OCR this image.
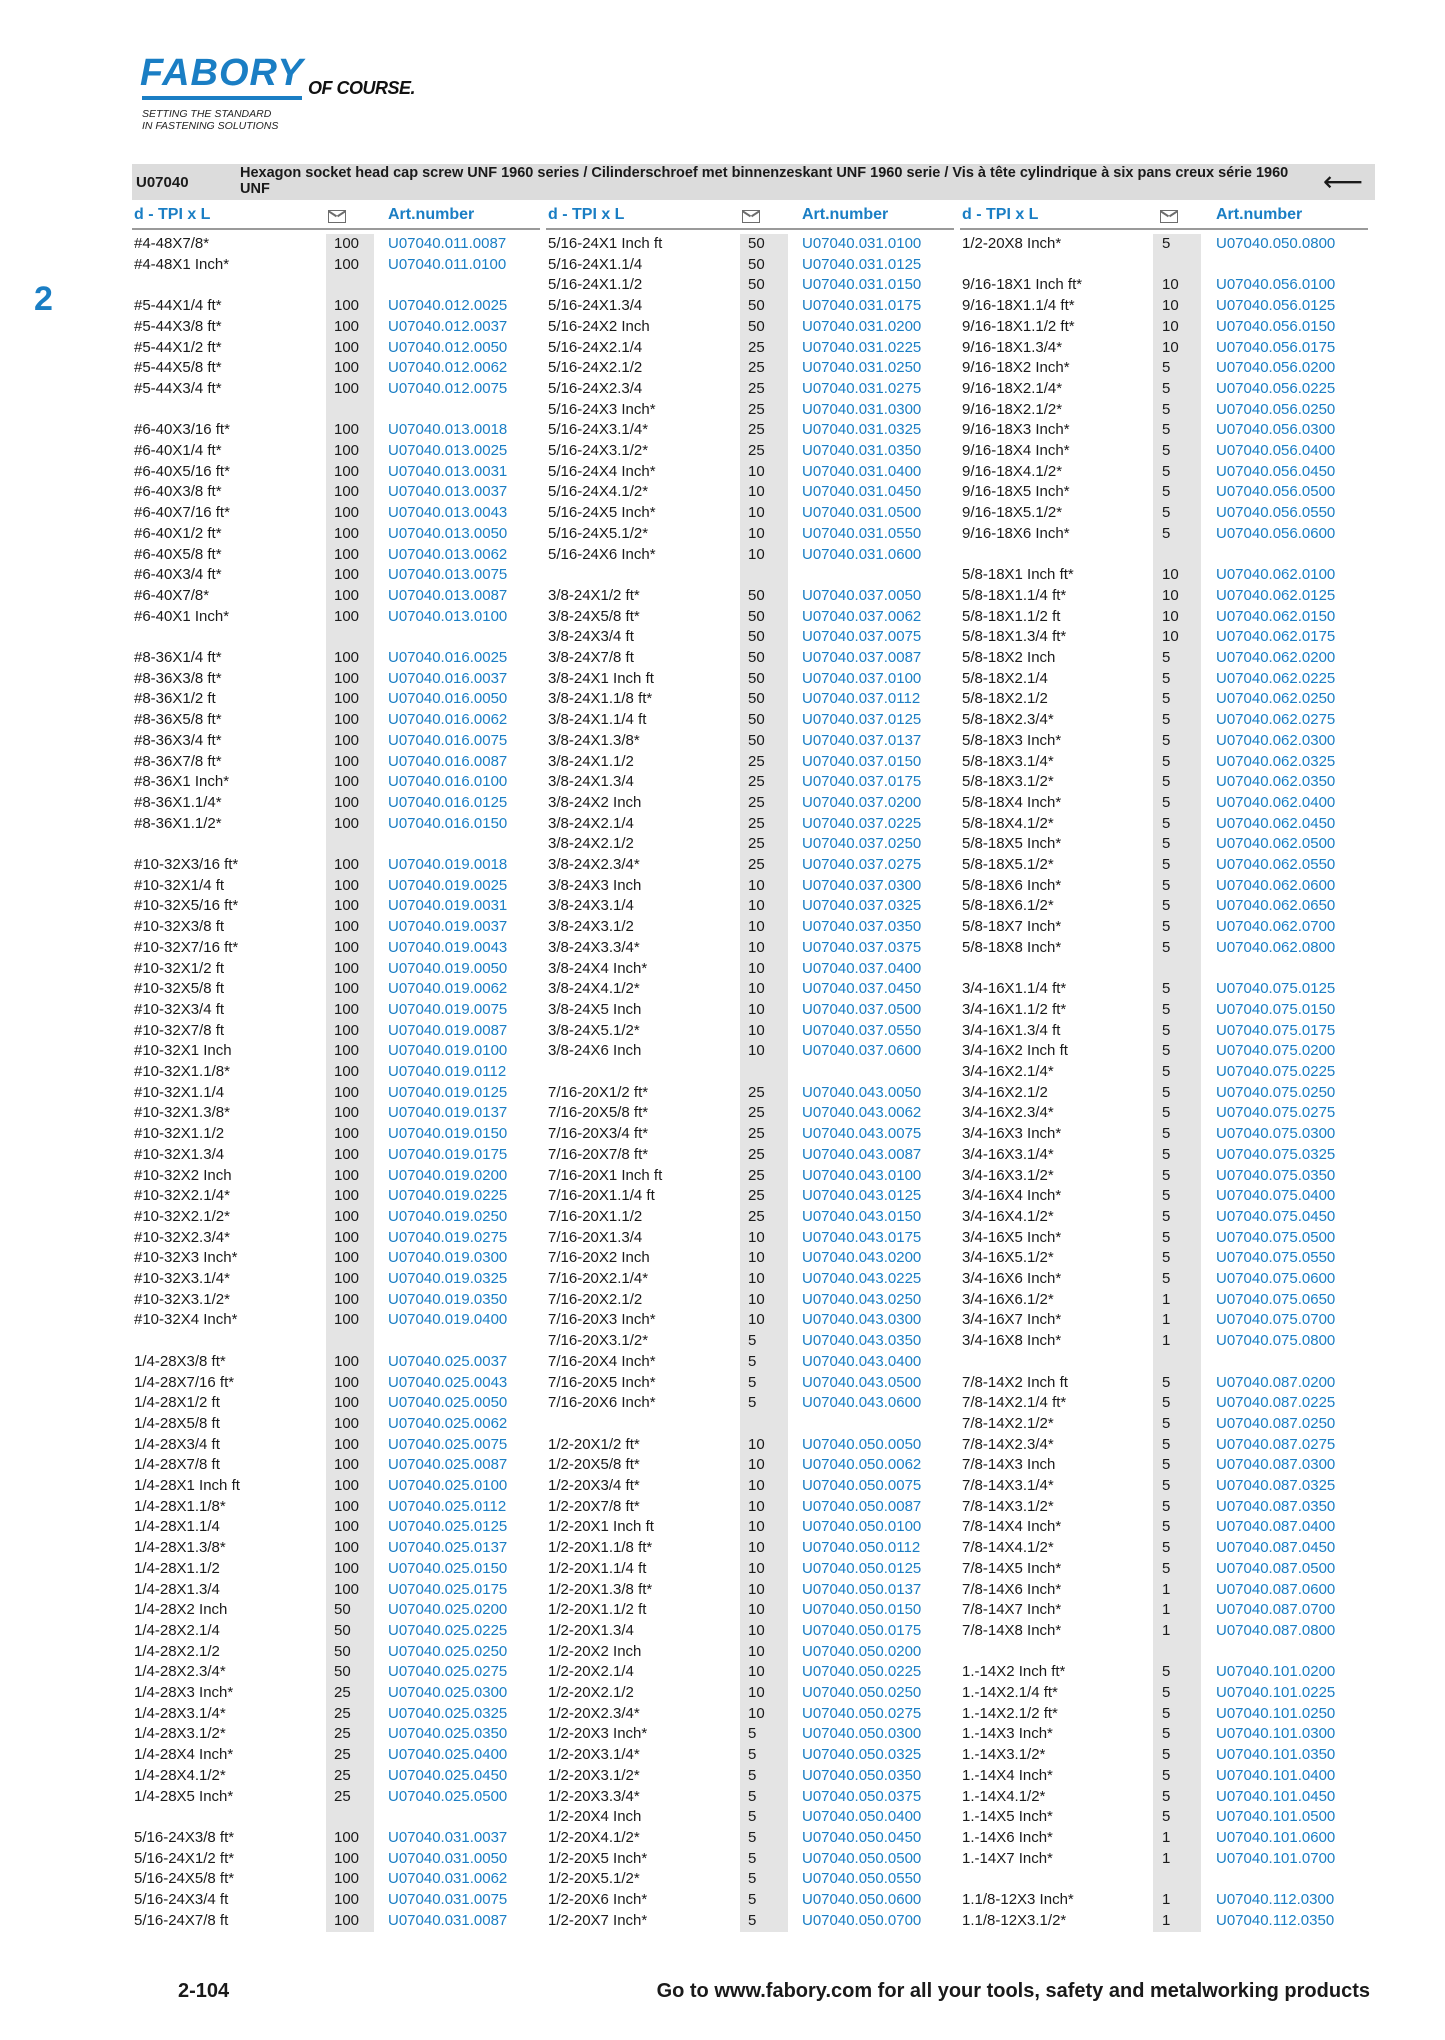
FABORY OF COURSE.
SETTING THE STANDARD
IN FASTENING SOLUTIONS
2
U07040
Hexagon socket head cap screw UNF 1960 series / Cilinderschroef met binnenzeskant UNF 1960 serie / Vis à tête cylindrique à six pans creux série 1960 UNF	⟵
d - TPI x L	Art.number	d - TPI x L	Art.number	d - TPI x L	Art.number
#4-48X7/8*	100 U07040.011.0087
#4-48X1 Inch*	100 U07040.011.0100
#5-44X1/4 ft*	100 U07040.012.0025
#5-44X3/8 ft*	100 U07040.012.0037
#5-44X1/2 ft*	100 U07040.012.0050
#5-44X5/8 ft*	100 U07040.012.0062
#5-44X3/4 ft*	100 U07040.012.0075
#6-40X3/16 ft*	100 U07040.013.0018
#6-40X1/4 ft*	100 U07040.013.0025
#6-40X5/16 ft*	100 U07040.013.0031
#6-40X3/8 ft*	100 U07040.013.0037
#6-40X7/16 ft*	100 U07040.013.0043
#6-40X1/2 ft*	100 U07040.013.0050
#6-40X5/8 ft*	100 U07040.013.0062
#6-40X3/4 ft*	100 U07040.013.0075
#6-40X7/8*	100 U07040.013.0087
#6-40X1 Inch*	100 U07040.013.0100
#8-36X1/4 ft*	100 U07040.016.0025
#8-36X3/8 ft*	100 U07040.016.0037
#8-36X1/2 ft	100 U07040.016.0050
#8-36X5/8 ft*	100 U07040.016.0062
#8-36X3/4 ft*	100 U07040.016.0075
#8-36X7/8 ft*	100 U07040.016.0087
#8-36X1 Inch*	100 U07040.016.0100
#8-36X1.1/4*	100 U07040.016.0125
#8-36X1.1/2*	100 U07040.016.0150
#10-32X3/16 ft*	100 U07040.019.0018
#10-32X1/4 ft	100 U07040.019.0025
#10-32X5/16 ft*	100 U07040.019.0031
#10-32X3/8 ft	100 U07040.019.0037
#10-32X7/16 ft*	100 U07040.019.0043
#10-32X1/2 ft	100 U07040.019.0050
#10-32X5/8 ft	100 U07040.019.0062
#10-32X3/4 ft	100 U07040.019.0075
#10-32X7/8 ft	100 U07040.019.0087
#10-32X1 Inch	100 U07040.019.0100
#10-32X1.1/8*	100 U07040.019.0112
#10-32X1.1/4	100 U07040.019.0125
#10-32X1.3/8*	100 U07040.019.0137
#10-32X1.1/2	100 U07040.019.0150
#10-32X1.3/4	100 U07040.019.0175
#10-32X2 Inch	100 U07040.019.0200
#10-32X2.1/4*	100 U07040.019.0225
#10-32X2.1/2*	100 U07040.019.0250
#10-32X2.3/4*	100 U07040.019.0275
#10-32X3 Inch*	100 U07040.019.0300
#10-32X3.1/4*	100 U07040.019.0325
#10-32X3.1/2*	100 U07040.019.0350
#10-32X4 Inch*	100 U07040.019.0400
1/4-28X3/8 ft*	100 U07040.025.0037
1/4-28X7/16 ft*	100 U07040.025.0043
1/4-28X1/2 ft	100 U07040.025.0050
1/4-28X5/8 ft	100 U07040.025.0062
1/4-28X3/4 ft	100 U07040.025.0075
1/4-28X7/8 ft	100 U07040.025.0087
1/4-28X1 Inch ft	100 U07040.025.0100
1/4-28X1.1/8*	100 U07040.025.0112
1/4-28X1.1/4	100 U07040.025.0125
1/4-28X1.3/8*	100 U07040.025.0137
1/4-28X1.1/2	100 U07040.025.0150
1/4-28X1.3/4	100 U07040.025.0175
1/4-28X2 Inch	50 U07040.025.0200
1/4-28X2.1/4	50 U07040.025.0225
1/4-28X2.1/2	50 U07040.025.0250
1/4-28X2.3/4*	50 U07040.025.0275
1/4-28X3 Inch*	25 U07040.025.0300
1/4-28X3.1/4*	25 U07040.025.0325
1/4-28X3.1/2*	25 U07040.025.0350
1/4-28X4 Inch*	25 U07040.025.0400
1/4-28X4.1/2*	25 U07040.025.0450
1/4-28X5 Inch*	25 U07040.025.0500
5/16-24X3/8 ft*	100 U07040.031.0037
5/16-24X1/2 ft*	100 U07040.031.0050
5/16-24X5/8 ft*	100 U07040.031.0062
5/16-24X3/4 ft	100 U07040.031.0075
5/16-24X7/8 ft	100 U07040.031.0087
5/16-24X1 Inch ft	50 U07040.031.0100
5/16-24X1.1/4	50 U07040.031.0125
5/16-24X1.1/2	50 U07040.031.0150
5/16-24X1.3/4	50 U07040.031.0175
5/16-24X2 Inch	50 U07040.031.0200
5/16-24X2.1/4	25 U07040.031.0225
5/16-24X2.1/2	25 U07040.031.0250
5/16-24X2.3/4	25 U07040.031.0275
5/16-24X3 Inch*	25 U07040.031.0300
5/16-24X3.1/4*	25 U07040.031.0325
5/16-24X3.1/2*	25 U07040.031.0350
5/16-24X4 Inch*	10 U07040.031.0400
5/16-24X4.1/2*	10 U07040.031.0450
5/16-24X5 Inch*	10 U07040.031.0500
5/16-24X5.1/2*	10 U07040.031.0550
5/16-24X6 Inch*	10 U07040.031.0600
3/8-24X1/2 ft*	50 U07040.037.0050
3/8-24X5/8 ft*	50 U07040.037.0062
3/8-24X3/4 ft	50 U07040.037.0075
3/8-24X7/8 ft	50 U07040.037.0087
3/8-24X1 Inch ft	50 U07040.037.0100
3/8-24X1.1/8 ft*	50 U07040.037.0112
3/8-24X1.1/4 ft	50 U07040.037.0125
3/8-24X1.3/8*	50 U07040.037.0137
3/8-24X1.1/2	25 U07040.037.0150
3/8-24X1.3/4	25 U07040.037.0175
3/8-24X2 Inch	25 U07040.037.0200
3/8-24X2.1/4	25 U07040.037.0225
3/8-24X2.1/2	25 U07040.037.0250
3/8-24X2.3/4*	25 U07040.037.0275
3/8-24X3 Inch	10 U07040.037.0300
3/8-24X3.1/4	10 U07040.037.0325
3/8-24X3.1/2	10 U07040.037.0350
3/8-24X3.3/4*	10 U07040.037.0375
3/8-24X4 Inch*	10 U07040.037.0400
3/8-24X4.1/2*	10 U07040.037.0450
3/8-24X5 Inch	10 U07040.037.0500
3/8-24X5.1/2*	10 U07040.037.0550
3/8-24X6 Inch	10 U07040.037.0600
7/16-20X1/2 ft*	25 U07040.043.0050
7/16-20X5/8 ft*	25 U07040.043.0062
7/16-20X3/4 ft*	25 U07040.043.0075
7/16-20X7/8 ft*	25 U07040.043.0087
7/16-20X1 Inch ft	25 U07040.043.0100
7/16-20X1.1/4 ft	25 U07040.043.0125
7/16-20X1.1/2	25 U07040.043.0150
7/16-20X1.3/4	10 U07040.043.0175
7/16-20X2 Inch	10 U07040.043.0200
7/16-20X2.1/4*	10 U07040.043.0225
7/16-20X2.1/2	10 U07040.043.0250
7/16-20X3 Inch*	10 U07040.043.0300
7/16-20X3.1/2*	5	U07040.043.0350
7/16-20X4 Inch*	5	U07040.043.0400
7/16-20X5 Inch*	5	U07040.043.0500
7/16-20X6 Inch*	5	U07040.043.0600
1/2-20X1/2 ft*	10 U07040.050.0050
1/2-20X5/8 ft*	10 U07040.050.0062
1/2-20X3/4 ft*	10 U07040.050.0075
1/2-20X7/8 ft*	10 U07040.050.0087
1/2-20X1 Inch ft	10 U07040.050.0100
1/2-20X1.1/8 ft*	10 U07040.050.0112
1/2-20X1.1/4 ft	10 U07040.050.0125
1/2-20X1.3/8 ft*	10 U07040.050.0137
1/2-20X1.1/2 ft	10 U07040.050.0150
1/2-20X1.3/4	10 U07040.050.0175
1/2-20X2 Inch	10 U07040.050.0200
1/2-20X2.1/4	10 U07040.050.0225
1/2-20X2.1/2	10 U07040.050.0250
1/2-20X2.3/4*	10 U07040.050.0275
1/2-20X3 Inch*	5	U07040.050.0300
1/2-20X3.1/4*	5	U07040.050.0325
1/2-20X3.1/2*	5	U07040.050.0350
1/2-20X3.3/4*	5	U07040.050.0375
1/2-20X4 Inch	5	U07040.050.0400
1/2-20X4.1/2*	5	U07040.050.0450
1/2-20X5 Inch*	5	U07040.050.0500
1/2-20X5.1/2*	5	U07040.050.0550
1/2-20X6 Inch*	5	U07040.050.0600
1/2-20X7 Inch*	5	U07040.050.0700
1/2-20X8 Inch*	5	U07040.050.0800
9/16-18X1 Inch ft*	10 U07040.056.0100
9/16-18X1.1/4 ft*	10 U07040.056.0125
9/16-18X1.1/2 ft*	10 U07040.056.0150
9/16-18X1.3/4*	10 U07040.056.0175
9/16-18X2 Inch*	5	U07040.056.0200
9/16-18X2.1/4*	5	U07040.056.0225
9/16-18X2.1/2*	5	U07040.056.0250
9/16-18X3 Inch*	5	U07040.056.0300
9/16-18X4 Inch*	5	U07040.056.0400
9/16-18X4.1/2*	5	U07040.056.0450
9/16-18X5 Inch*	5	U07040.056.0500
9/16-18X5.1/2*	5	U07040.056.0550
9/16-18X6 Inch*	5	U07040.056.0600
5/8-18X1 Inch ft*	10 U07040.062.0100
5/8-18X1.1/4 ft*	10 U07040.062.0125
5/8-18X1.1/2 ft	10 U07040.062.0150
5/8-18X1.3/4 ft*	10 U07040.062.0175
5/8-18X2 Inch	5	U07040.062.0200
5/8-18X2.1/4	5	U07040.062.0225
5/8-18X2.1/2	5	U07040.062.0250
5/8-18X2.3/4*	5	U07040.062.0275
5/8-18X3 Inch*	5	U07040.062.0300
5/8-18X3.1/4*	5	U07040.062.0325
5/8-18X3.1/2*	5	U07040.062.0350
5/8-18X4 Inch*	5	U07040.062.0400
5/8-18X4.1/2*	5	U07040.062.0450
5/8-18X5 Inch*	5	U07040.062.0500
5/8-18X5.1/2*	5	U07040.062.0550
5/8-18X6 Inch*	5	U07040.062.0600
5/8-18X6.1/2*	5	U07040.062.0650
5/8-18X7 Inch*	5	U07040.062.0700
5/8-18X8 Inch*	5	U07040.062.0800
3/4-16X1.1/4 ft*	5	U07040.075.0125
3/4-16X1.1/2 ft*	5	U07040.075.0150
3/4-16X1.3/4 ft	5	U07040.075.0175
3/4-16X2 Inch ft	5	U07040.075.0200
3/4-16X2.1/4*	5	U07040.075.0225
3/4-16X2.1/2	5	U07040.075.0250
3/4-16X2.3/4*	5	U07040.075.0275
3/4-16X3 Inch*	5	U07040.075.0300
3/4-16X3.1/4*	5	U07040.075.0325
3/4-16X3.1/2*	5	U07040.075.0350
3/4-16X4 Inch*	5	U07040.075.0400
3/4-16X4.1/2*	5	U07040.075.0450
3/4-16X5 Inch*	5	U07040.075.0500
3/4-16X5.1/2*	5	U07040.075.0550
3/4-16X6 Inch*	5	U07040.075.0600
3/4-16X6.1/2*	1	U07040.075.0650
3/4-16X7 Inch*	1	U07040.075.0700
3/4-16X8 Inch*	1	U07040.075.0800
7/8-14X2 Inch ft	5	U07040.087.0200
7/8-14X2.1/4 ft*	5	U07040.087.0225
7/8-14X2.1/2*	5	U07040.087.0250
7/8-14X2.3/4*	5	U07040.087.0275
7/8-14X3 Inch	5	U07040.087.0300
7/8-14X3.1/4*	5	U07040.087.0325
7/8-14X3.1/2*	5	U07040.087.0350
7/8-14X4 Inch*	5	U07040.087.0400
7/8-14X4.1/2*	5	U07040.087.0450
7/8-14X5 Inch*	5	U07040.087.0500
7/8-14X6 Inch*	1	U07040.087.0600
7/8-14X7 Inch*	1	U07040.087.0700
7/8-14X8 Inch*	1	U07040.087.0800
1.-14X2 Inch ft*	5	U07040.101.0200
1.-14X2.1/4 ft*	5	U07040.101.0225
1.-14X2.1/2 ft*	5	U07040.101.0250
1.-14X3 Inch*	5	U07040.101.0300
1.-14X3.1/2*	5	U07040.101.0350
1.-14X4 Inch*	5	U07040.101.0400
1.-14X4.1/2*	5	U07040.101.0450
1.-14X5 Inch*	5	U07040.101.0500
1.-14X6 Inch*	1	U07040.101.0600
1.-14X7 Inch*	1	U07040.101.0700
1.1/8-12X3 Inch*	1	U07040.112.0300
1.1/8-12X3.1/2*	1	U07040.112.0350
2-104	Go to www.fabory.com for all your tools, safety and metalworking products
